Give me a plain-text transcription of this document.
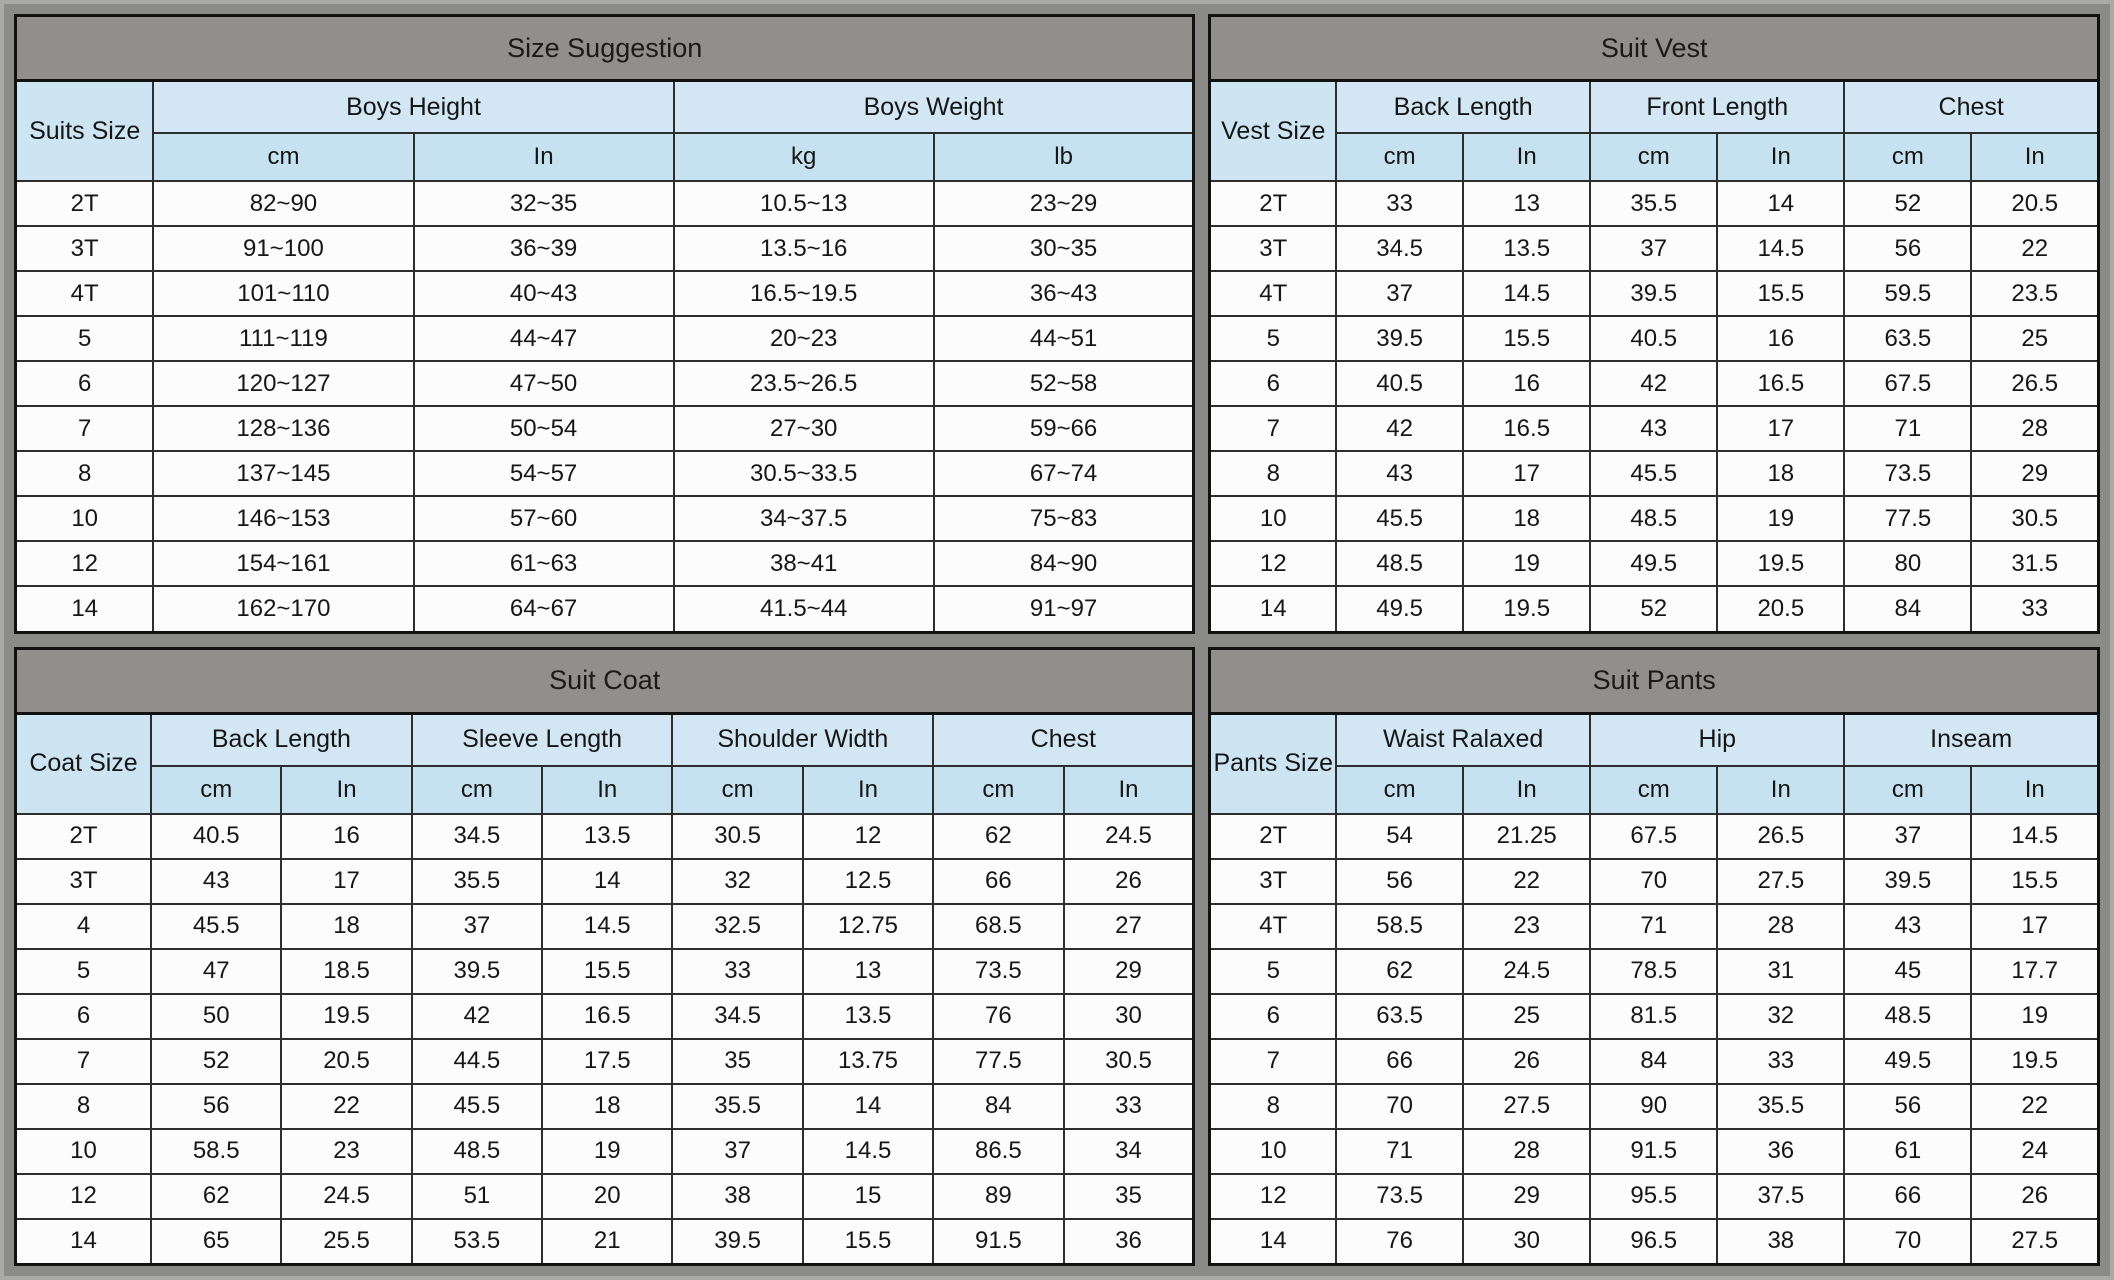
Size Suggestion				
Suits Size	Boys Height		Boys Weight	
	cm	In	kg	lb
2T	82~90	32~35	10.5~13	23~29
3T	91~100	36~39	13.5~16	30~35
4T	101~110	40~43	16.5~19.5	36~43
5	111~119	44~47	20~23	44~51
6	120~127	47~50	23.5~26.5	52~58
7	128~136	50~54	27~30	59~66
8	137~145	54~57	30.5~33.5	67~74
10	146~153	57~60	34~37.5	75~83
12	154~161	61~63	38~41	84~90
14	162~170	64~67	41.5~44	91~97
Suit Vest						
Vest Size	Back Length		Front Length		Chest	
	cm	In	cm	In	cm	In
2T	33	13	35.5	14	52	20.5
3T	34.5	13.5	37	14.5	56	22
4T	37	14.5	39.5	15.5	59.5	23.5
5	39.5	15.5	40.5	16	63.5	25
6	40.5	16	42	16.5	67.5	26.5
7	42	16.5	43	17	71	28
8	43	17	45.5	18	73.5	29
10	45.5	18	48.5	19	77.5	30.5
12	48.5	19	49.5	19.5	80	31.5
14	49.5	19.5	52	20.5	84	33
Suit Coat								
Coat Size	Back Length		Sleeve Length		Shoulder Width		Chest	
	cm	In	cm	In	cm	In	cm	In
2T	40.5	16	34.5	13.5	30.5	12	62	24.5
3T	43	17	35.5	14	32	12.5	66	26
4	45.5	18	37	14.5	32.5	12.75	68.5	27
5	47	18.5	39.5	15.5	33	13	73.5	29
6	50	19.5	42	16.5	34.5	13.5	76	30
7	52	20.5	44.5	17.5	35	13.75	77.5	30.5
8	56	22	45.5	18	35.5	14	84	33
10	58.5	23	48.5	19	37	14.5	86.5	34
12	62	24.5	51	20	38	15	89	35
14	65	25.5	53.5	21	39.5	15.5	91.5	36
Suit Pants						
Pants Size	Waist Ralaxed		Hip		Inseam	
	cm	In	cm	In	cm	In
2T	54	21.25	67.5	26.5	37	14.5
3T	56	22	70	27.5	39.5	15.5
4T	58.5	23	71	28	43	17
5	62	24.5	78.5	31	45	17.7
6	63.5	25	81.5	32	48.5	19
7	66	26	84	33	49.5	19.5
8	70	27.5	90	35.5	56	22
10	71	28	91.5	36	61	24
12	73.5	29	95.5	37.5	66	26
14	76	30	96.5	38	70	27.5
